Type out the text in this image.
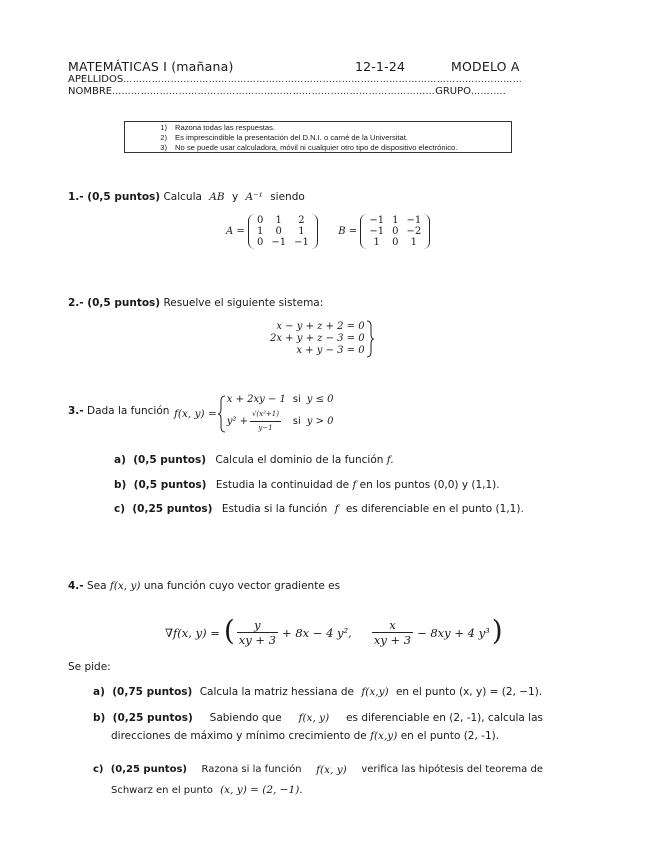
MATEMÁTICAS I (mañana)	12-1-24	MODELO A
APELLIDOS………………………………………………………………………………………………………………
NOMBRE…………………………………………………………………………………………GRUPO…….….
1) Razona todas las respuestas.
2) Es imprescindible la presentación del D.N.I. o carné de la Universitat.
3) No se puede usar calculadora, móvil ni cualquier otro tipo de dispositivo electrónico.
1.- (0,5 puntos) Calcula AB y A⁻¹ siendo
A =
0	1	2
1	0	1
0	−1	−1
B =
−1	1	−1
−1	0	−2
1	0	1
2.- (0,5 puntos) Resuelve el siguiente sistema:
x − y + z + 2 = 0
2x + y + z − 3 = 0
x + y − 3 = 0
3.- Dada la función f(x, y) =
x + 2xy − 1 si y ≤ 0
$y^2 + \frac{\text{√(x²+1)}}{y-1}$ si y > 0
a) (0,5 puntos) Calcula el dominio de la función f.
b) (0,5 puntos) Estudia la continuidad de f en los puntos (0,0) y (1,1).
c) (0,25 puntos) Estudia si la función f es diferenciable en el punto (1,1).
4.- Sea f(x, y) una función cuyo vector gradiente es
∇f(x, y) = ( $\frac{y}{xy + 3} + 8x - 4$ y², $\frac{x}{xy + 3} - 8xy + 4$ y³ )
Se pide:
a) (0,75 puntos) Calcula la matriz hessiana de f(x,y) en el punto (x, y) = (2, −1).
b) (0,25 puntos) Sabiendo que f(x, y) es diferenciable en (2, -1), calcula las
direcciones de máximo y mínimo crecimiento de f(x,y) en el punto (2, -1).
c) (0,25 puntos) Razona si la función f(x, y) verifica las hipótesis del teorema de
Schwarz en el punto (x, y) = (2, −1).
